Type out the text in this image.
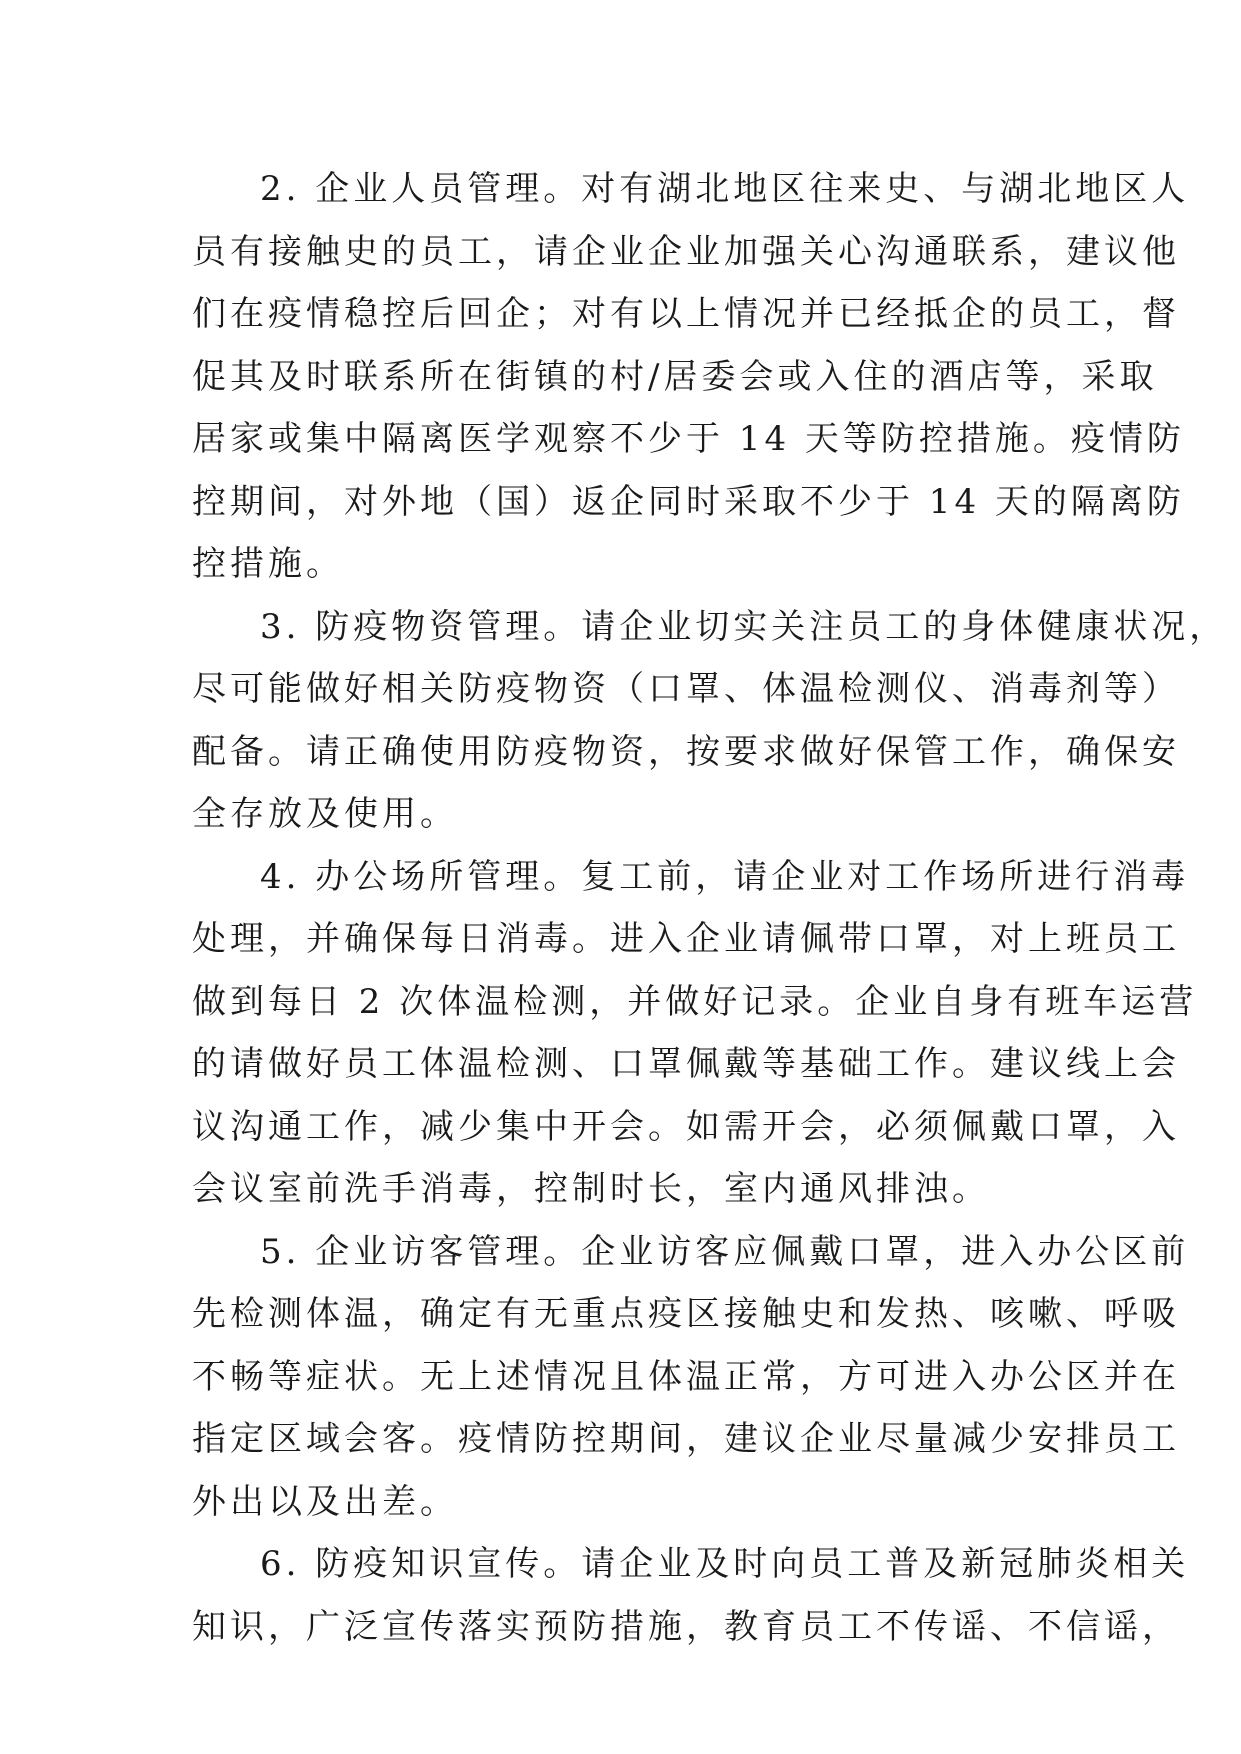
2. 企业人员管理。对有湖北地区往来史、与湖北地区人
员有接触史的员工，请企业企业加强关心沟通联系，建议他
们在疫情稳控后回企；对有以上情况并已经抵企的员工，督
促其及时联系所在街镇的村/居委会或入住的酒店等，采取
居家或集中隔离医学观察不少于 14 天等防控措施。疫情防
控期间，对外地（国）返企同时采取不少于 14 天的隔离防
控措施。
3. 防疫物资管理。请企业切实关注员工的身体健康状况，
尽可能做好相关防疫物资（口罩、体温检测仪、消毒剂等）
配备。请正确使用防疫物资，按要求做好保管工作，确保安
全存放及使用。
4. 办公场所管理。复工前，请企业对工作场所进行消毒
处理，并确保每日消毒。进入企业请佩带口罩，对上班员工
做到每日 2 次体温检测，并做好记录。企业自身有班车运营
的请做好员工体温检测、口罩佩戴等基础工作。建议线上会
议沟通工作，减少集中开会。如需开会，必须佩戴口罩，入
会议室前洗手消毒，控制时长，室内通风排浊。
5. 企业访客管理。企业访客应佩戴口罩，进入办公区前
先检测体温，确定有无重点疫区接触史和发热、咳嗽、呼吸
不畅等症状。无上述情况且体温正常，方可进入办公区并在
指定区域会客。疫情防控期间，建议企业尽量减少安排员工
外出以及出差。
6. 防疫知识宣传。请企业及时向员工普及新冠肺炎相关
知识，广泛宣传落实预防措施，教育员工不传谣、不信谣，
